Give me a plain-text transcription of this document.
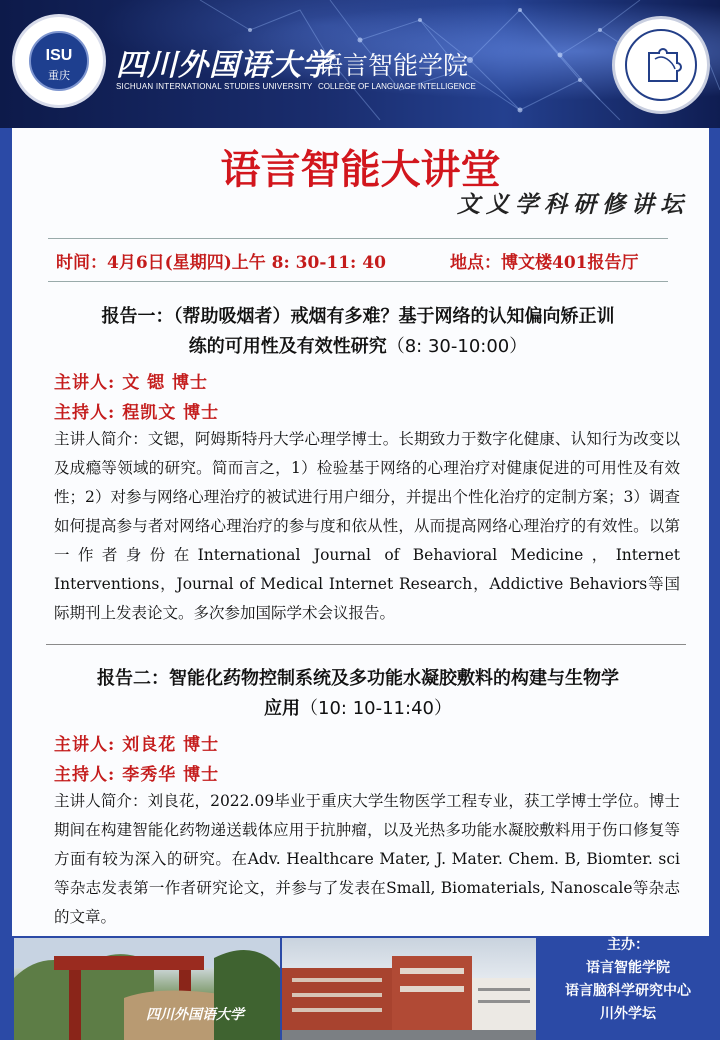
ISU
重庆	四川外国语大学
语言智能学院
SICHUAN INTERNATIONAL STUDIES UNIVERSITY COLLEGE OF LANGUAGE INTELLIGENCE
语言智能大讲堂
文义学科研修讲坛
时间：4月6日(星期四)上午 8: 30-11: 40	地点：博文楼401报告厅
报告一：（帮助吸烟者）戒烟有多难？基于网络的认知偏向矫正训
练的可用性及有效性研究（8: 30-10:00）
主讲人: 文 锶 博士
主持人: 程凯文 博士
主讲人简介：文锶，阿姆斯特丹大学心理学博士。长期致力于数字化健康、认知行为改变以及成瘾等领域的研究。简而言之，1）检验基于网络的心理治疗对健康促进的可用性及有效性；2）对参与网络心理治疗的被试进行用户细分，并提出个性化治疗的定制方案；3）调查如何提高参与者对网络心理治疗的参与度和依从性，从而提高网络心理治疗的有效性。以第一作者身份在International Journal of Behavioral Medicine，Internet Interventions，Journal of Medical Internet Research，Addictive Behaviors等国际期刊上发表论文。多次参加国际学术会议报告。
报告二：智能化药物控制系统及多功能水凝胶敷料的构建与生物学
应用（10: 10-11:40）
主讲人: 刘良花 博士
主持人: 李秀华 博士
主讲人简介：刘良花，2022.09毕业于重庆大学生物医学工程专业，获工学博士学位。博士期间在构建智能化药物递送载体应用于抗肿瘤，以及光热多功能水凝胶敷料用于伤口修复等方面有较为深入的研究。在Adv. Healthcare Mater, J. Mater. Chem. B, Biomter. sci等杂志发表第一作者研究论文，并参与了发表在Small, Biomaterials, Nanoscale等杂志的文章。
四川外国语大学
主办：
语言智能学院
语言脑科学研究中心
川外学坛
